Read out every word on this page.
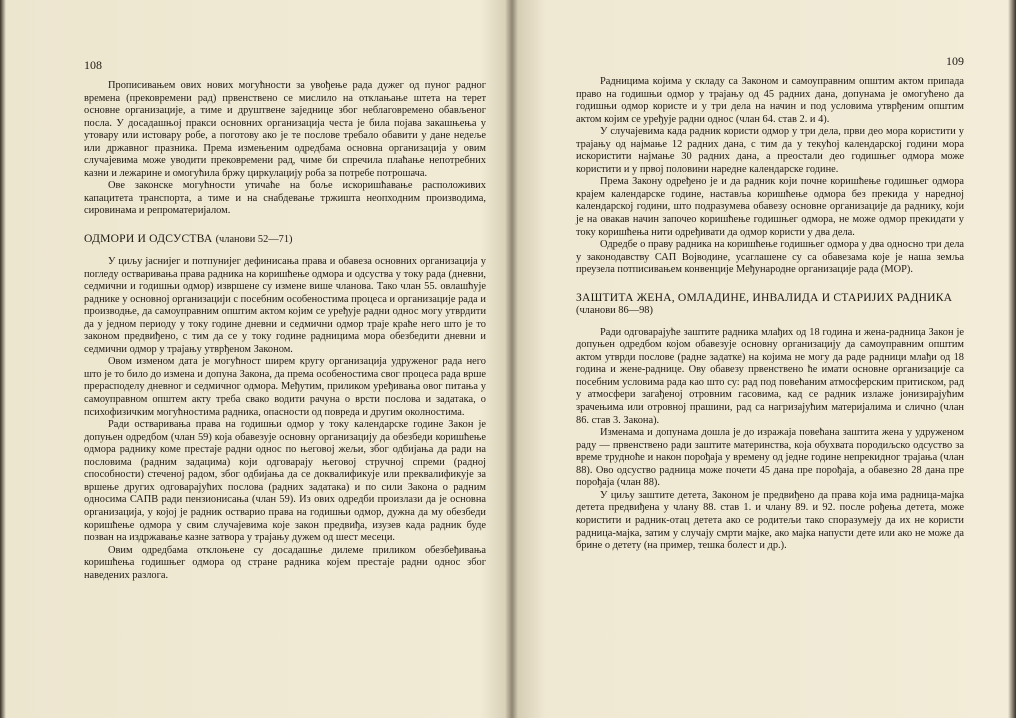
108

Прописивањем ових нових могућности за увођење рада дужег од пуног радног времена (прековремени рад) првенствено се мислило на отклањање штета на терет основне организације, а тиме и друштвене заједнице због неблаговремено обављеног посла. У досадашњој пракси основних организација честа је била појава закашњења у утовару или истовару робе, а поготову ако је те послове требало обавити у дане недеље или државног празника. Према измењеним одредбама основна организација у овим случајевима може уводити прековремени рад, чиме би спречила плаћање непотребних казни и лежарине и омогућила бржу циркулацију роба за потребе потрошача.

Ове законске могућности утичаће на боље искоришћавање расположивих капацитета транспорта, а тиме и на снабдевање тржишта неопходним производима, сировинама и репроматеријалом.

ОДМОРИ И ОДСУСТВА (чланови 52—71)

У циљу јаснијег и потпунијег дефинисања права и обавеза основних организација у погледу остваривања права радника на коришћење одмора и одсуства у току рада (дневни, седмични и годишњи одмор) извршене су измене више чланова. Тако члан 55. овлашћује раднике у основној организацији с посебним особеностима процеса и организације рада и производње, да самоуправним општим актом којим се уређује радни однос могу утврдити да у једном периоду у току године дневни и седмични одмор траје краће него што је то законом предвиђено, с тим да се у току године радницима мора обезбедити дневни и седмични одмор у трајању утврђеном Законом.

Овом изменом дата је могућност ширем кругу организација удруженог рада него што је то било до измена и допуна Закона, да према особеностима свог процеса рада врше прерасподелу дневног и седмичног одмора. Међутим, приликом уређивања овог питања у самоуправном општем акту треба свако водити рачуна о врсти послова и задатака, о психофизичким могућностима радника, опасности од повреда и другим околностима.

Ради остваривања права на годишњи одмор у току календарске године Закон је допуњен одредбом (члан 59) која обавезује основну организацију да обезбеди коришћење одмора раднику коме престаје радни однос по његовој жељи, због одбијања да ради на пословима (радним задацима) који одговарају његовој стручној спреми (радној способности) стеченој радом, због одбијања да се доквалификује или преквалификује за вршење других одговарајућих послова (радних задатака) и по сили Закона о радним односима САПВ ради пензионисања (члан 59). Из ових одредби произлази да је основна организација, у којој је радник остварио права на годишњи одмор, дужна да му обезбеди коришћење одмора у свим случајевима које закон предвиђа, изузев када радник буде позван на издржавање казне затвора у трајању дужем од шест месеци.

Овим одредбама отклоњене су досадашње дилеме приликом обезбеђивања коришћења годишњег одмора од стране радника којем престаје радни однос због наведених разлога.

109

Радницима којима у складу са Законом и самоуправним општим актом припада право на годишњи одмор у трајању од 45 радних дана, допунама је омогућено да годишњи одмор користе и у три дела на начин и под условима утврђеним општим актом којим се уређује радни однос (члан 64. став 2. и 4).

У случајевима када радник користи одмор у три дела, први део мора користити у трајању од најмање 12 радних дана, с тим да у текућој календарској години мора искористити најмање 30 радних дана, а преостали део годишњег одмора може користити и у првој половини наредне календарске године.

Према Закону одређено је и да радник који почне коришћење годишњег одмора крајем календарске године, наставља коришћење одмора без прекида у наредној календарској години, што подразумева обавезу основне организације да раднику, који је на овакав начин започео коришћење годишњег одмора, не може одмор прекидати у току коришћења нити одређивати да одмор користи у два дела.

Одредбе о праву радника на коришћење годишњег одмора у два односно три дела у законодавству САП Војводине, усаглашене су са обавезама које је наша земља преузела потписивањем конвенције Међународне организације рада (МОР).

ЗАШТИТА ЖЕНА, ОМЛАДИНЕ, ИНВАЛИДА И СТАРИЈИХ РАДНИКА
(чланови 86—98)

Ради одговарајуће заштите радника млађих од 18 година и жена-радница Закон је допуњен одредбом којом обавезује основну организацију да самоуправним општим актом утврди послове (радне задатке) на којима не могу да раде радници млађи од 18 година и жене-раднице. Ову обавезу првенствено ће имати основне организације са посебним условима рада као што су: рад под повећаним атмосферским притиском, рад у атмосфери загађеној отровним гасовима, кад се радник излаже јонизирајућим зрачењима или отровној прашини, рад са нагризајућим материјалима и слично (члан 86. став 3. Закона).

Изменама и допунама дошла је до изражаја повећана заштита жена у удруженом раду — првенствено ради заштите материнства, која обухвата породиљско одсуство за време трудноће и након порођаја у времену од једне године непрекидног трајања (члан 88). Ово одсуство радница може почети 45 дана пре порођаја, а обавезно 28 дана пре порођаја (члан 88).

У циљу заштите детета, Законом је предвиђено да права која има радница-мајка детета предвиђена у члану 88. став 1. и члану 89. и 92. после рођења детета, може користити и радник-отац детета ако се родитељи тако споразумеју да их не користи радница-мајка, затим у случају смрти мајке, ако мајка напусти дете или ако не може да брине о детету (на пример, тешка болест и др.).
